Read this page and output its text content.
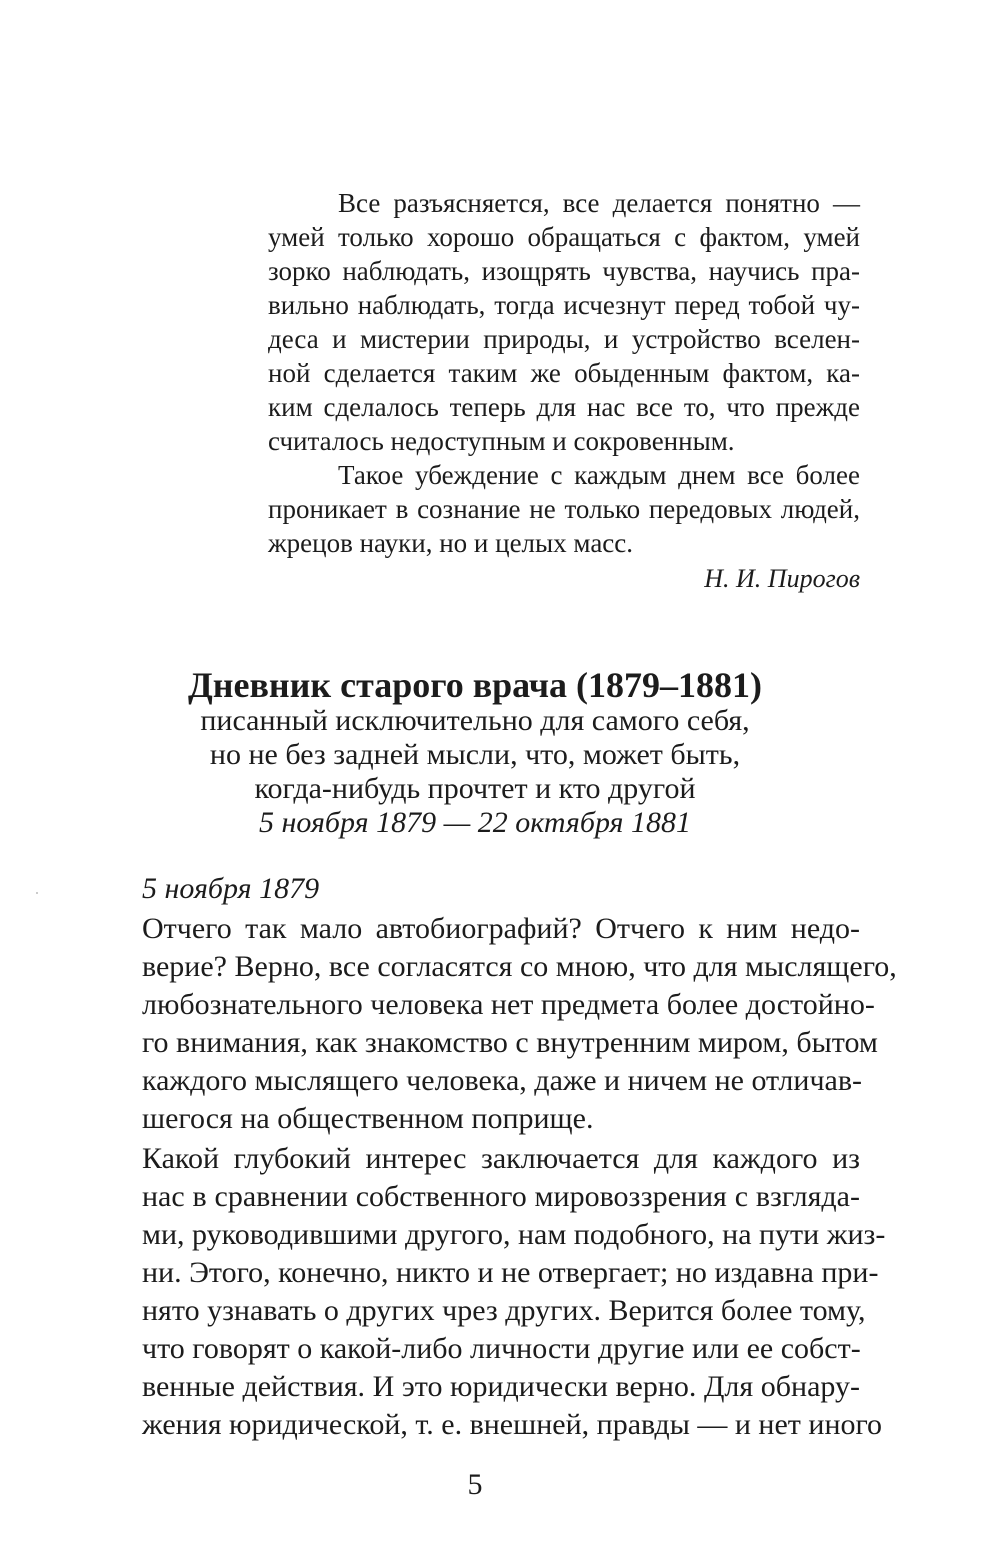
Все разъясняется, все делается понятно —
умей только хорошо обращаться с фактом, умей
зорко наблюдать, изощрять чувства, научись пра-
вильно наблюдать, тогда исчезнут перед тобой чу-
деса и мистерии природы, и устройство вселен-
ной сделается таким же обыденным фактом, ка-
ким сделалось теперь для нас все то, что прежде
считалось недоступным и сокровенным.
Такое убеждение с каждым днем все более
проникает в сознание не только передовых людей,
жрецов науки, но и целых масс.
Н. И. Пирогов
Дневник старого врача (1879–1881)
писанный исключительно для самого себя,
но не без задней мысли, что, может быть,
когда-нибудь прочтет и кто другой
5 ноября 1879 — 22 октября 1881
5 ноября 1879
Отчего так мало автобиографий? Отчего к ним недо-
верие? Верно, все согласятся со мною, что для мыслящего,
любознательного человека нет предмета более достойно-
го внимания, как знакомство с внутренним миром, бытом
каждого мыслящего человека, даже и ничем не отличав-
шегося на общественном поприще.
Какой глубокий интерес заключается для каждого из
нас в сравнении собственного мировоззрения с взгляда-
ми, руководившими другого, нам подобного, на пути жиз-
ни. Этого, конечно, никто и не отвергает; но издавна при-
нято узнавать о других чрез других. Верится более тому,
что говорят о какой-либо личности другие или ее собст-
венные действия. И это юридически верно. Для обнару-
жения юридической, т. е. внешней, правды — и нет иного
5
